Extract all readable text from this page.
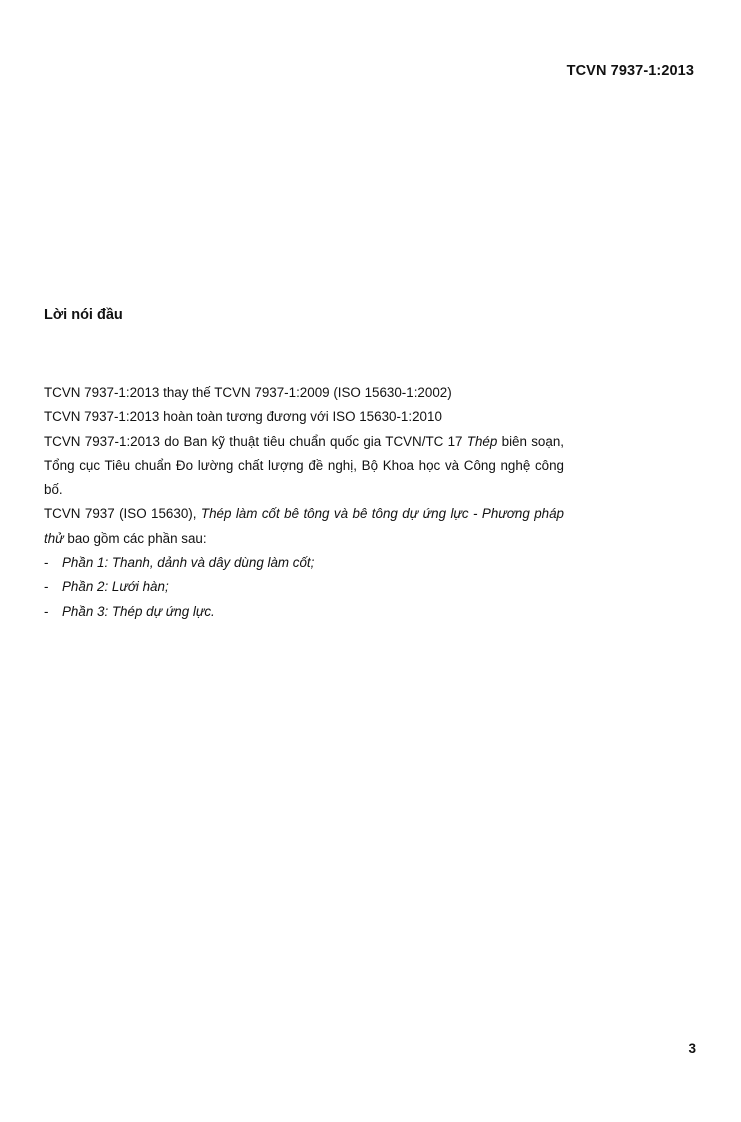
TCVN 7937-1:2013
Lời nói đầu

TCVN 7937-1:2013 thay thế TCVN 7937-1:2009 (ISO 15630-1:2002)

TCVN 7937-1:2013 hoàn toàn tương đương với ISO 15630-1:2010

TCVN 7937-1:2013 do Ban kỹ thuật tiêu chuẩn quốc gia TCVN/TC 17 Thép biên soạn, Tổng cục Tiêu chuẩn Đo lường chất lượng đề nghị, Bộ Khoa học và Công nghệ công bố.

TCVN 7937 (ISO 15630), Thép làm cốt bê tông và bê tông dự ứng lực - Phương pháp thử bao gồm các phần sau:

- Phần 1: Thanh, dảnh và dây dùng làm cốt;
- Phần 2: Lưới hàn;
- Phần 3: Thép dự ứng lực.
3
